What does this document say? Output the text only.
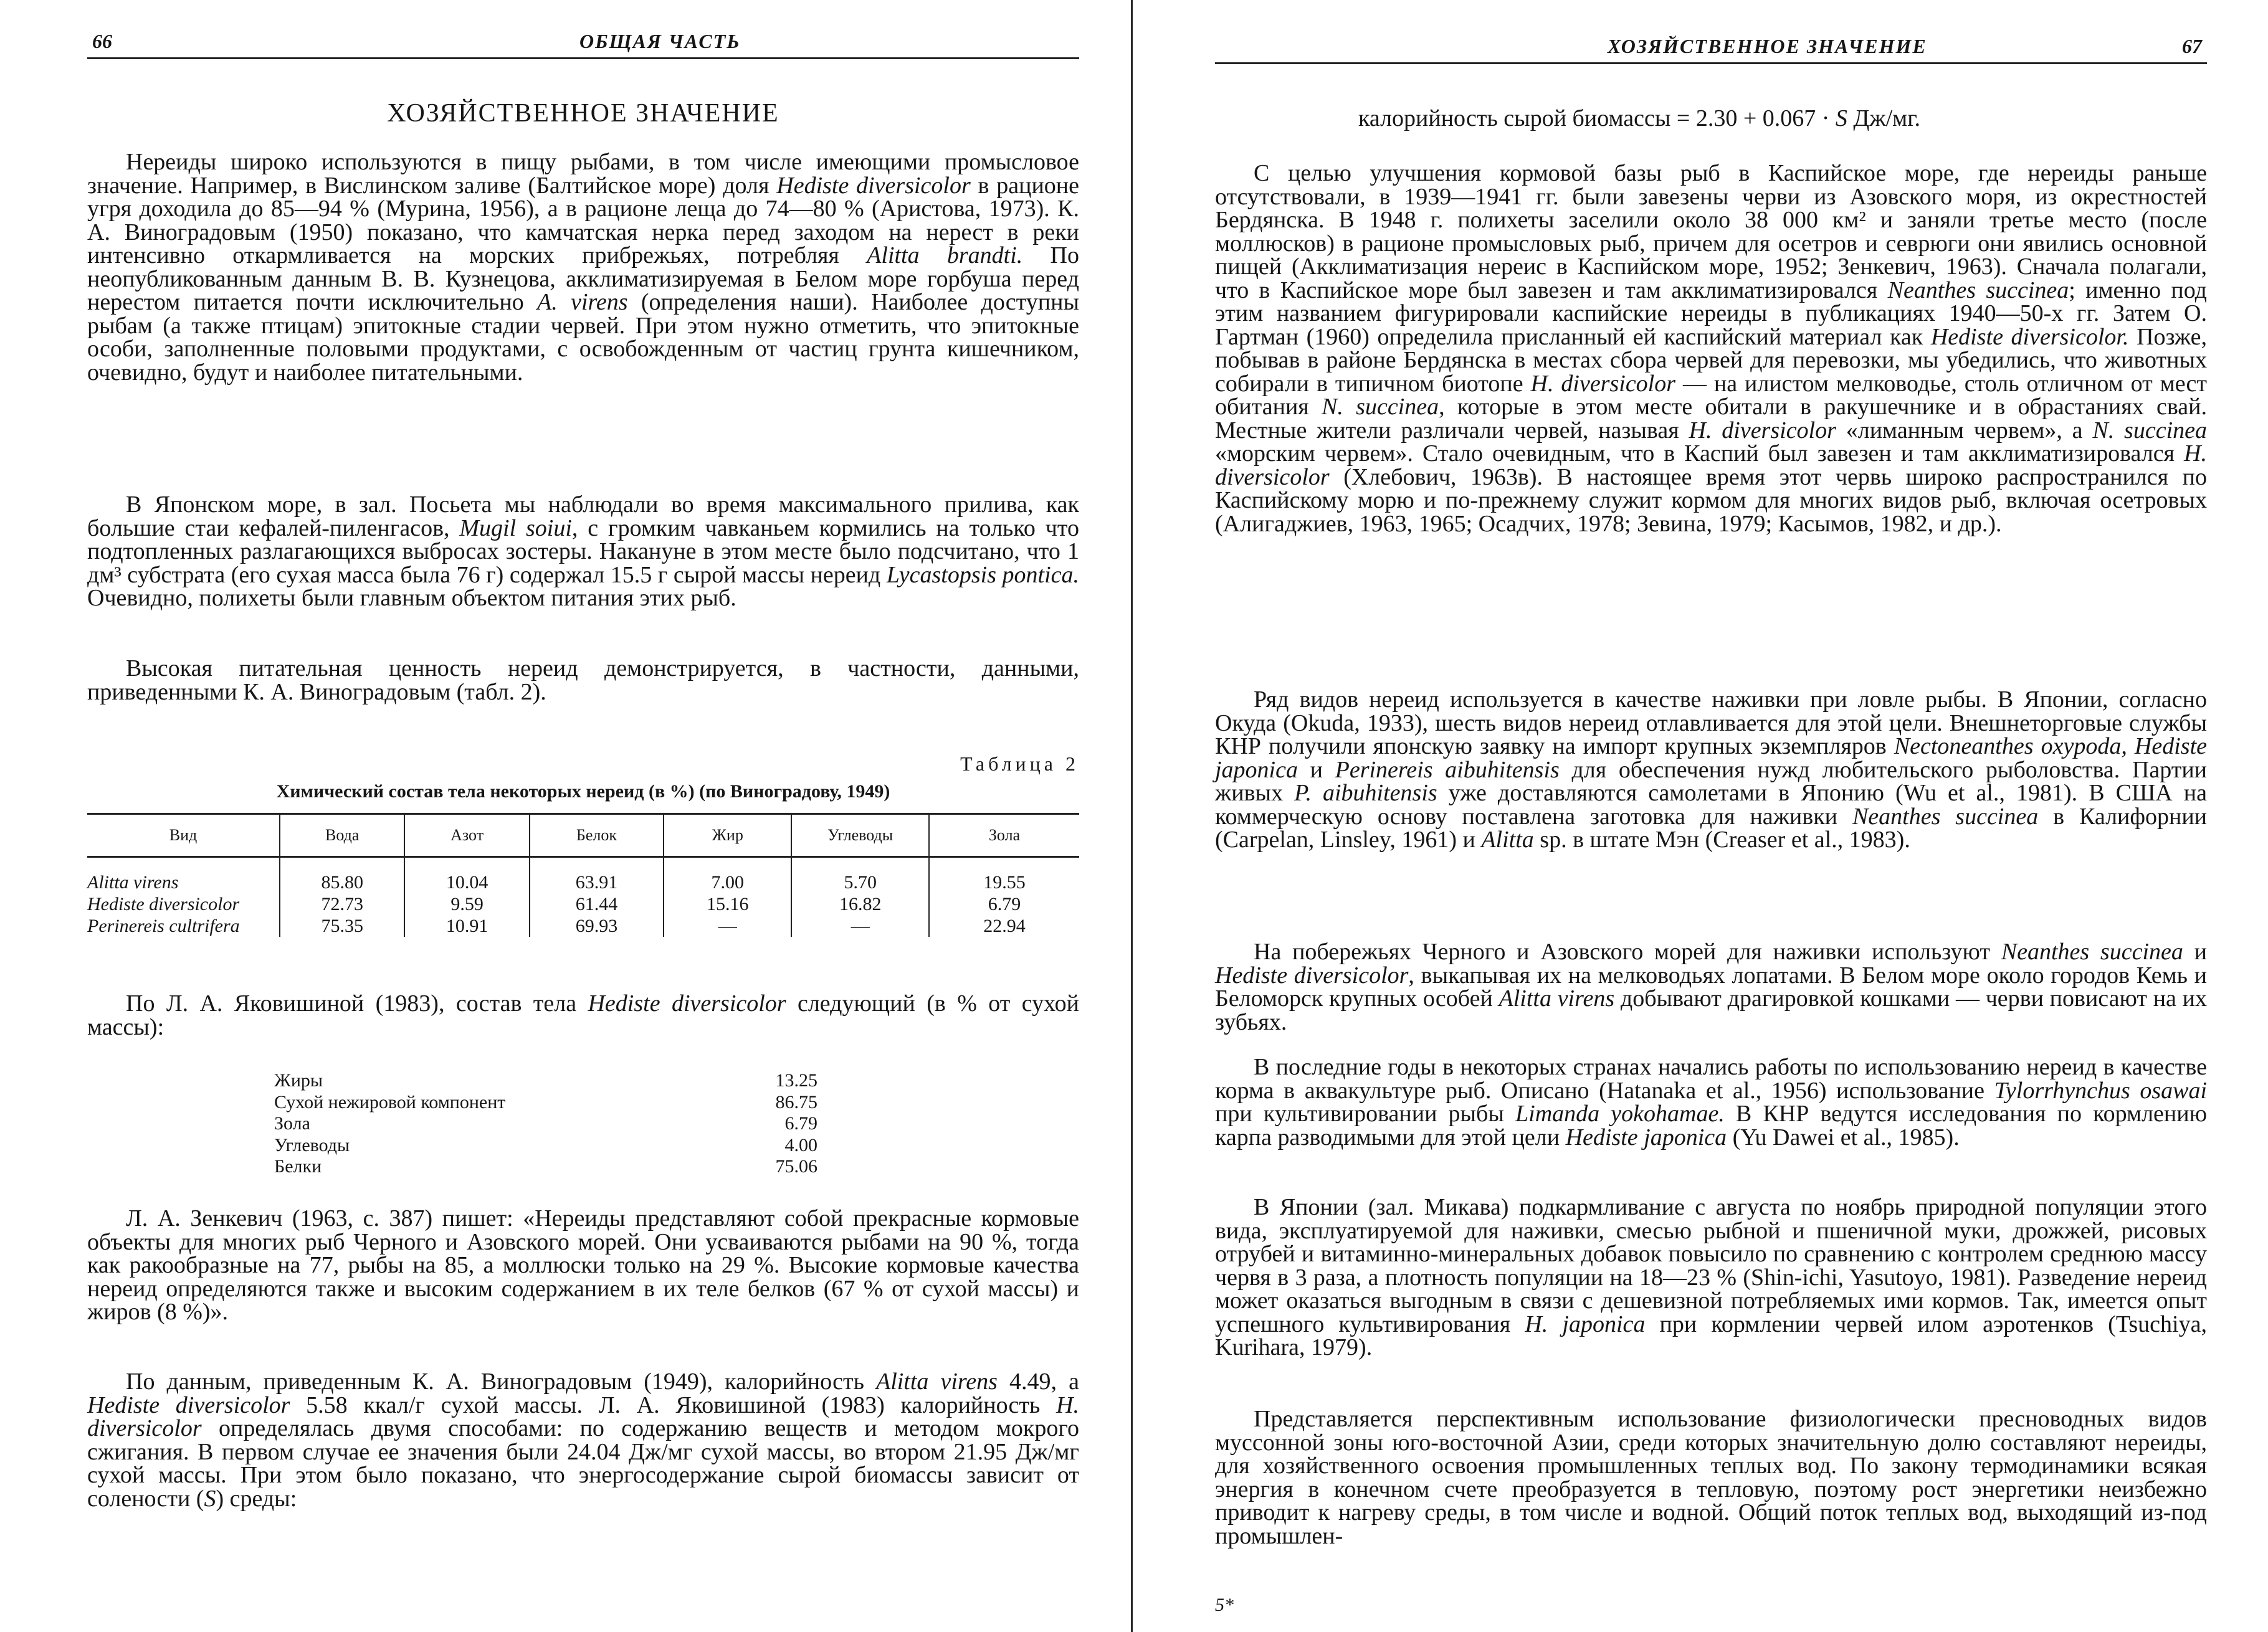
66	ОБЩАЯ ЧАСТЬ
ХОЗЯЙСТВЕННОЕ ЗНАЧЕНИЕ

Нереиды широко используются в пищу рыбами, в том числе имеющими промысловое значение. Например, в Вислинском заливе (Балтийское море) доля Hediste diversicolor в рационе угря доходила до 85—94 % (Мурина, 1956), а в рационе леща до 74—80 % (Аристова, 1973). К. А. Виноградовым (1950) показано, что камчатская нерка перед заходом на нерест в реки интенсивно откармливается на морских прибрежьях, потребляя Alitta brandti. По неопубликованным данным В. В. Кузнецова, акклиматизируемая в Белом море горбуша перед нерестом питается почти исключительно A. virens (определения наши). Наиболее доступны рыбам (а также птицам) эпитокные стадии червей. При этом нужно отметить, что эпитокные особи, заполненные половыми продуктами, с освобожденным от частиц грунта кишечником, очевидно, будут и наиболее питательными.

В Японском море, в зал. Посьета мы наблюдали во время максимального прилива, как большие стаи кефалей-пиленгасов, Mugil soiui, с громким чавканьем кормились на только что подтопленных разлагающихся выбросах зостеры. Накануне в этом месте было подсчитано, что 1 дм³ субстрата (его сухая масса была 76 г) содержал 15.5 г сырой массы нереид Lycastopsis pontica. Очевидно, полихеты были главным объектом питания этих рыб.

Высокая питательная ценность нереид демонстрируется, в частности, данными, приведенными К. А. Виноградовым (табл. 2).

Таблица 2
Химический состав тела некоторых нереид (в %) (по Виноградову, 1949)
Вид	Вода	Азот	Белок	Жир	Углеводы	Зола
Alitta virens	85.80	10.04	63.91	7.00	5.70	19.55
Hediste diversicolor	72.73	9.59	61.44	15.16	16.82	6.79
Perinereis cultrifera	75.35	10.91	69.93	—	—	22.94

По Л. А. Яковишиной (1983), состав тела Hediste diversicolor следующий (в % от сухой массы):

Жиры	13.25
Сухой нежировой компонент	86.75
Зола	6.79
Углеводы	4.00
Белки	75.06

Л. А. Зенкевич (1963, с. 387) пишет: «Нереиды представляют собой прекрасные кормовые объекты для многих рыб Черного и Азовского морей. Они усваиваются рыбами на 90 %, тогда как ракообразные на 77, рыбы на 85, а моллюски только на 29 %. Высокие кормовые качества нереид определяются также и высоким содержанием в их теле белков (67 % от сухой массы) и жиров (8 %)».

По данным, приведенным К. А. Виноградовым (1949), калорийность Alitta virens 4.49, а Hediste diversicolor 5.58 ккал/г сухой массы. Л. А. Яковишиной (1983) калорийность H. diversicolor определялась двумя способами: по содержанию веществ и методом мокрого сжигания. В первом случае ее значения были 24.04 Дж/мг сухой массы, во втором 21.95 Дж/мг сухой массы. При этом было показано, что энергосодержание сырой биомассы зависит от солености (S) среды:

ХОЗЯЙСТВЕННОЕ ЗНАЧЕНИЕ	67
калорийность сырой биомассы = 2.30 + 0.067 · S Дж/мг.

С целью улучшения кормовой базы рыб в Каспийское море, где нереиды раньше отсутствовали, в 1939—1941 гг. были завезены черви из Азовского моря, из окрестностей Бердянска. В 1948 г. полихеты заселили около 38 000 км² и заняли третье место (после моллюсков) в рационе промысловых рыб, причем для осетров и севрюги они явились основной пищей (Акклиматизация нереис в Каспийском море, 1952; Зенкевич, 1963). Сначала полагали, что в Каспийское море был завезен и там акклиматизировался Neanthes succinea; именно под этим названием фигурировали каспийские нереиды в публикациях 1940—50-х гг. Затем О. Гартман (1960) определила присланный ей каспийский материал как Hediste diversicolor. Позже, побывав в районе Бердянска в местах сбора червей для перевозки, мы убедились, что животных собирали в типичном биотопе H. diversicolor — на илистом мелководье, столь отличном от мест обитания N. succinea, которые в этом месте обитали в ракушечнике и в обрастаниях свай. Местные жители различали червей, называя H. diversicolor «лиманным червем», а N. succinea «морским червем». Стало очевидным, что в Каспий был завезен и там акклиматизировался H. diversicolor (Хлебович, 1963в). В настоящее время этот червь широко распространился по Каспийскому морю и по-прежнему служит кормом для многих видов рыб, включая осетровых (Алигаджиев, 1963, 1965; Осадчих, 1978; Зевина, 1979; Касымов, 1982, и др.).

Ряд видов нереид используется в качестве наживки при ловле рыбы. В Японии, согласно Окуда (Okuda, 1933), шесть видов нереид отлавливается для этой цели. Внешнеторговые службы КНР получили японскую заявку на импорт крупных экземпляров Nectoneanthes oxypoda, Hediste japonica и Perinereis aibuhitensis для обеспечения нужд любительского рыболовства. Партии живых P. aibuhitensis уже доставляются самолетами в Японию (Wu et al., 1981). В США на коммерческую основу поставлена заготовка для наживки Neanthes succinea в Калифорнии (Carpelan, Linsley, 1961) и Alitta sp. в штате Мэн (Creaser et al., 1983).

На побережьях Черного и Азовского морей для наживки используют Neanthes succinea и Hediste diversicolor, выкапывая их на мелководьях лопатами. В Белом море около городов Кемь и Беломорск крупных особей Alitta virens добывают драгировкой кошками — черви повисают на их зубьях.

В последние годы в некоторых странах начались работы по использованию нереид в качестве корма в аквакультуре рыб. Описано (Hatanaka et al., 1956) использование Tylorrhynchus osawai при культивировании рыбы Limanda yokohamae. В КНР ведутся исследования по кормлению карпа разводимыми для этой цели Hediste japonica (Yu Dawei et al., 1985).

В Японии (зал. Микава) подкармливание с августа по ноябрь природной популяции этого вида, эксплуатируемой для наживки, смесью рыбной и пшеничной муки, дрожжей, рисовых отрубей и витаминно-минеральных добавок повысило по сравнению с контролем среднюю массу червя в 3 раза, а плотность популяции на 18—23 % (Shin-ichi, Yasutoyo, 1981). Разведение нереид может оказаться выгодным в связи с дешевизной потребляемых ими кормов. Так, имеется опыт успешного культивирования H. japonica при кормлении червей илом аэротенков (Tsuchiya, Kurihara, 1979).

Представляется перспективным использование физиологически пресноводных видов муссонной зоны юго-восточной Азии, среди которых значительную долю составляют нереиды, для хозяйственного освоения промышленных теплых вод. По закону термодинамики всякая энергия в конечном счете преобразуется в тепловую, поэтому рост энергетики неизбежно приводит к нагреву среды, в том числе и водной. Общий поток теплых вод, выходящий из-под промышлен-

5*
